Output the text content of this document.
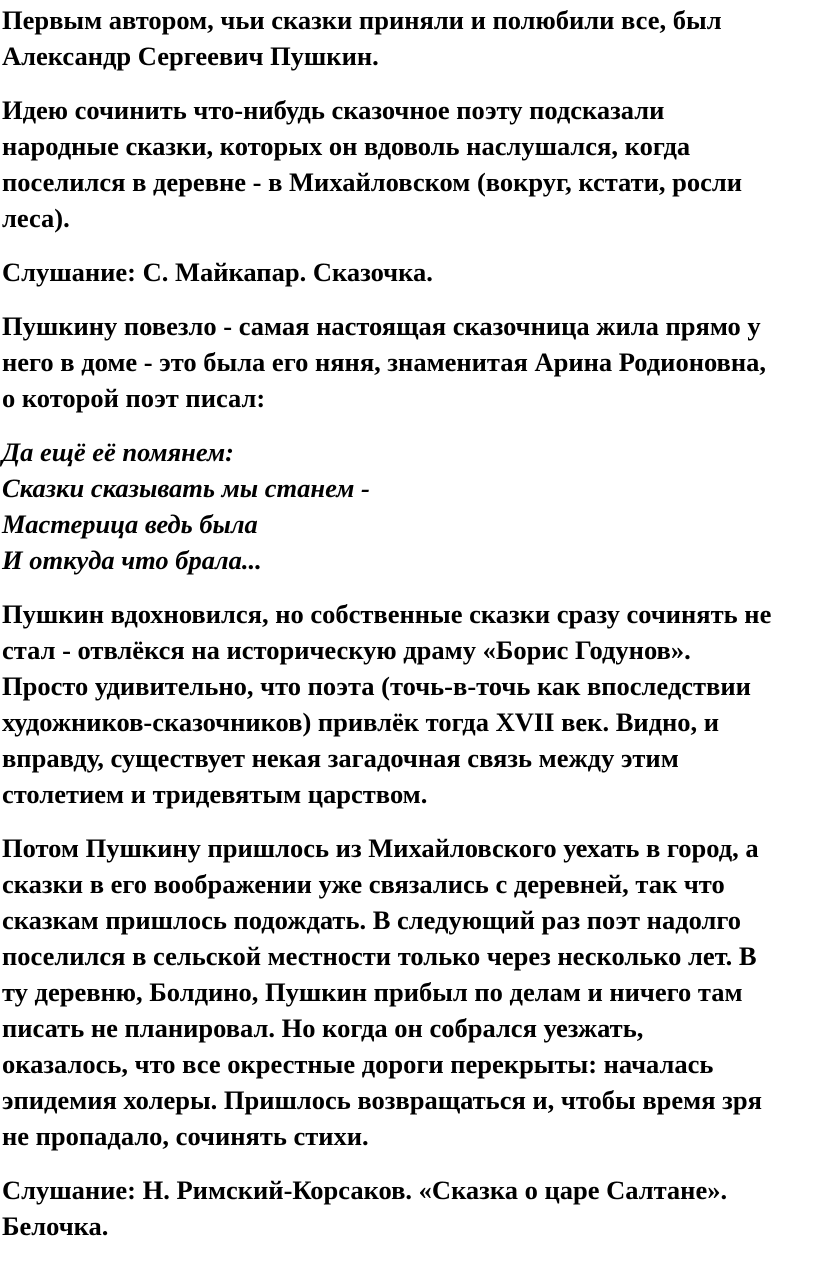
Первым автором, чьи сказки приняли и полюбили все, был
Александр Сергеевич Пушкин.

Идею сочинить что-нибудь сказочное поэту подсказали
народные сказки, которых он вдоволь наслушался, когда
поселился в деревне - в Михайловском (вокруг, кстати, росли
леса).

Слушание: С. Майкапар. Сказочка.

Пушкину повезло - самая настоящая сказочница жила прямо у
него в доме - это была его няня, знаменитая Арина Родионовна,
о которой поэт писал:

Да ещё её помянем:
Сказки сказывать мы станем -
Мастерица ведь была
И откуда что брала...

Пушкин вдохновился, но собственные сказки сразу сочинять не
стал - отвлёкся на историческую драму «Борис Годунов».
Просто удивительно, что поэта (точь-в-точь как впоследствии
художников-сказочников) привлёк тогда XVII век. Видно, и
вправду, существует некая загадочная связь между этим
столетием и тридевятым царством.

Потом Пушкину пришлось из Михайловского уехать в город, а
сказки в его воображении уже связались с деревней, так что
сказкам пришлось подождать. В следующий раз поэт надолго
поселился в сельской местности только через несколько лет. В
ту деревню, Болдино, Пушкин прибыл по делам и ничего там
писать не планировал. Но когда он собрался уезжать,
оказалось, что все окрестные дороги перекрыты: началась
эпидемия холеры. Пришлось возвращаться и, чтобы время зря
не пропадало, сочинять стихи.

Слушание: Н. Римский-Корсаков. «Сказка о царе Салтане».
Белочка.
